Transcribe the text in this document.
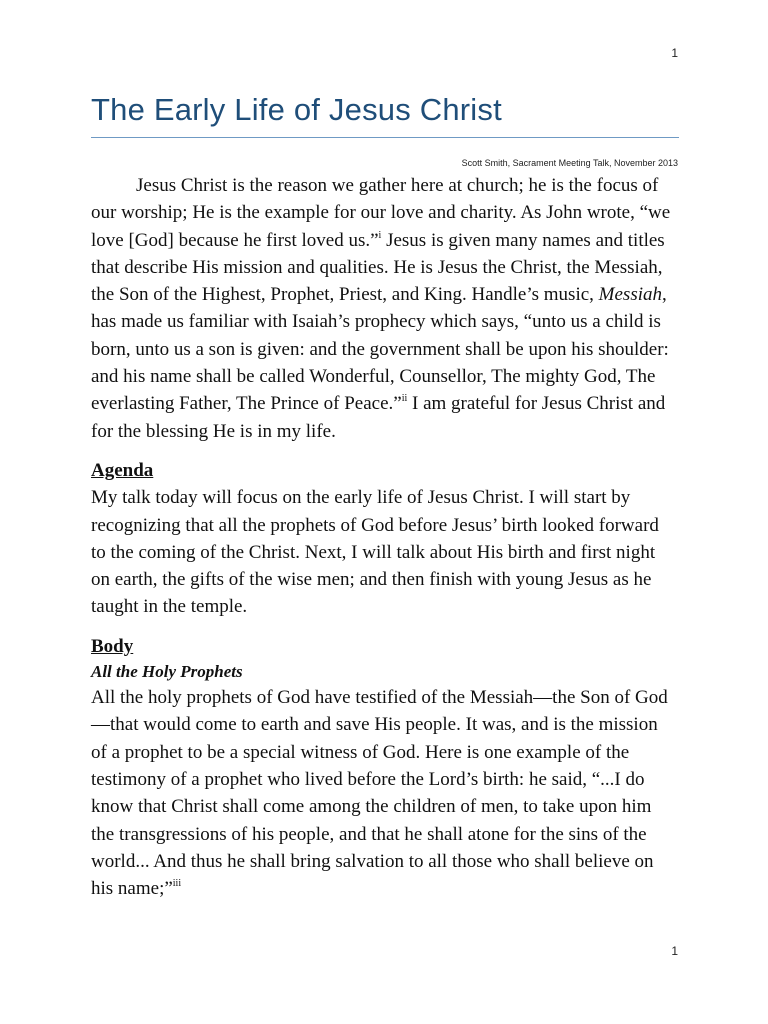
1
The Early Life of Jesus Christ
Scott Smith, Sacrament Meeting Talk, November 2013

Jesus Christ is the reason we gather here at church; he is the focus of our worship; He is the example for our love and charity. As John wrote, “we love [God] because he first loved us.”$^i$ Jesus is given many names and titles that describe His mission and qualities. He is Jesus the Christ, the Messiah, the Son of the Highest, Prophet, Priest, and King. Handle’s music, Messiah, has made us familiar with Isaiah’s prophecy which says, “unto us a child is born, unto us a son is given: and the government shall be upon his shoulder: and his name shall be called Wonderful, Counsellor, The mighty God, The everlasting Father, The Prince of Peace.”$^{ii}$ I am grateful for Jesus Christ and for the blessing He is in my life.

Agenda

My talk today will focus on the early life of Jesus Christ. I will start by recognizing that all the prophets of God before Jesus’ birth looked forward to the coming of the Christ. Next, I will talk about His birth and first night on earth, the gifts of the wise men; and then finish with young Jesus as he taught in the temple.

Body

All the Holy Prophets

All the holy prophets of God have testified of the Messiah—the Son of God—that would come to earth and save His people. It was, and is the mission of a prophet to be a special witness of God. Here is one example of the testimony of a prophet who lived before the Lord’s birth: he said, “...I do know that Christ shall come among the children of men, to take upon him the transgressions of his people, and that he shall atone for the sins of the world... And thus he shall bring salvation to all those who shall believe on his name;”$^{iii}$

1
